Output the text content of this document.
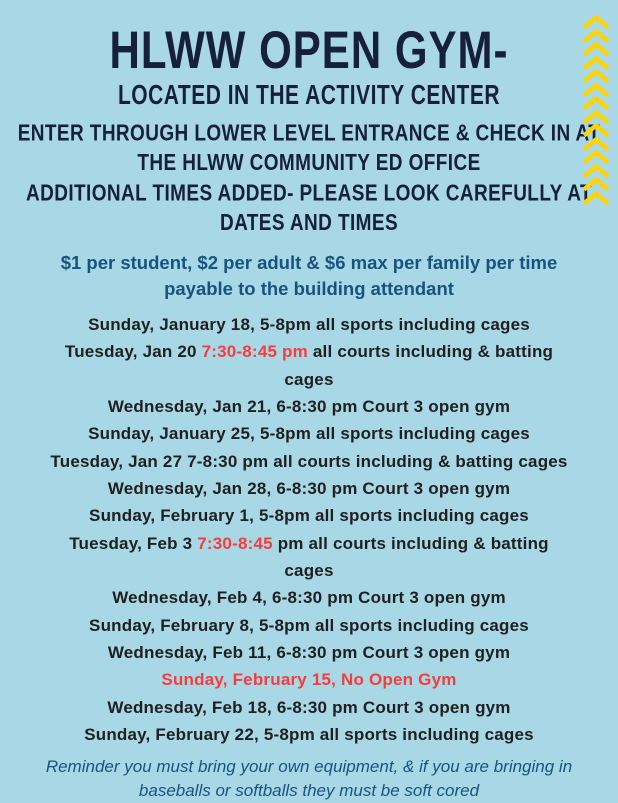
HLWW OPEN GYM-
LOCATED IN THE ACTIVITY CENTER

ENTER THROUGH LOWER LEVEL ENTRANCE & CHECK IN AT THE HLWW COMMUNITY ED OFFICE

ADDITIONAL TIMES ADDED- PLEASE LOOK CAREFULLY AT DATES AND TIMES

$1 per student, $2 per adult & $6 max per family per time

payable to the building attendant

Sunday, January 18, 5-8pm all sports including cages
Tuesday, Jan 20 7:30-8:45 pm all courts including & batting
cages
Wednesday, Jan 21, 6-8:30 pm Court 3 open gym
Sunday, January 25, 5-8pm all sports including cages
Tuesday, Jan 27 7-8:30 pm all courts including & batting cages
Wednesday, Jan 28, 6-8:30 pm Court 3 open gym
Sunday, February 1, 5-8pm all sports including cages
Tuesday, Feb 3 7:30-8:45 pm all courts including & batting
cages
Wednesday, Feb 4, 6-8:30 pm Court 3 open gym
Sunday, February 8, 5-8pm all sports including cages
Wednesday, Feb 11, 6-8:30 pm Court 3 open gym
Sunday, February 15, No Open Gym
Wednesday, Feb 18, 6-8:30 pm Court 3 open gym
Sunday, February 22, 5-8pm all sports including cages

Reminder you must bring your own equipment, & if you are bringing in

baseballs or softballs they must be soft cored
